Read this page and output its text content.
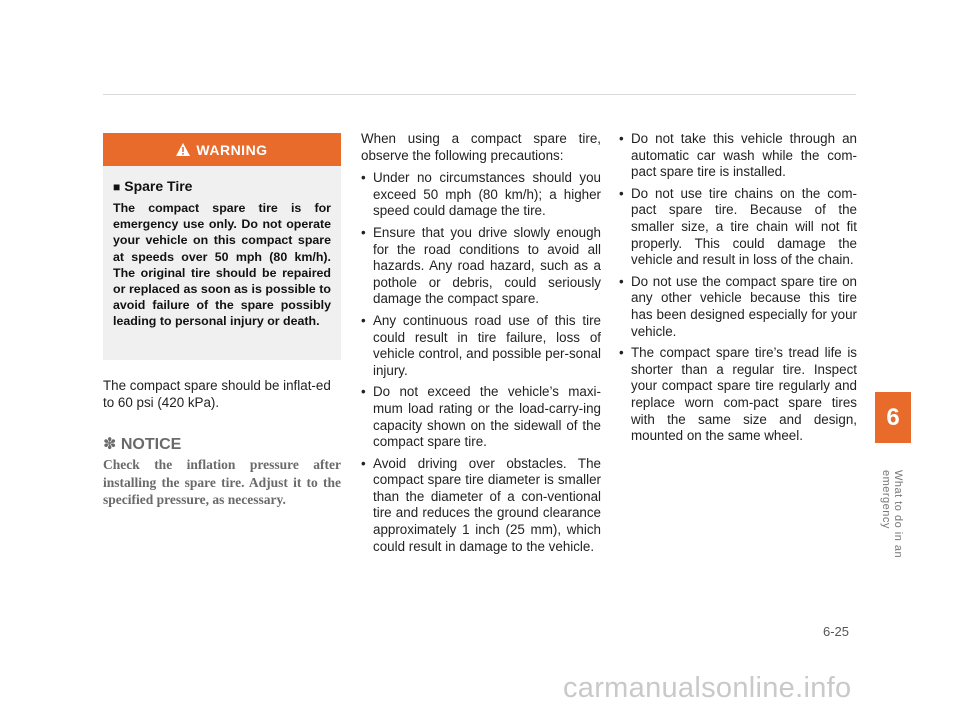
WARNING
■ Spare Tire
The compact spare tire is for emergency use only. Do not operate your vehicle on this compact spare at speeds over 50 mph (80 km/h). The original tire should be repaired or replaced as soon as is possible to avoid failure of the spare possibly leading to personal injury or death.
The compact spare should be inflat-ed to 60 psi (420 kPa).
✽ NOTICE
Check the inflation pressure after installing the spare tire. Adjust it to the specified pressure, as necessary.

When using a compact spare tire, observe the following precautions:

• Under no circumstances should you exceed 50 mph (80 km/h); a higher speed could damage the tire.
• Ensure that you drive slowly enough for the road conditions to avoid all hazards. Any road hazard, such as a pothole or debris, could seriously damage the compact spare.
• Any continuous road use of this tire could result in tire failure, loss of vehicle control, and possible per-sonal injury.
• Do not exceed the vehicle’s maxi-mum load rating or the load-carry-ing capacity shown on the sidewall of the compact spare tire.
• Avoid driving over obstacles. The compact spare tire diameter is smaller than the diameter of a con-ventional tire and reduces the ground clearance approximately 1 inch (25 mm), which could result in damage to the vehicle.
• Do not take this vehicle through an automatic car wash while the com-pact spare tire is installed.
• Do not use tire chains on the com-pact spare tire. Because of the smaller size, a tire chain will not fit properly. This could damage the vehicle and result in loss of the chain.
• Do not use the compact spare tire on any other vehicle because this tire has been designed especially for your vehicle.
• The compact spare tire’s tread life is shorter than a regular tire. Inspect your compact spare tire regularly and replace worn com-pact spare tires with the same size and design, mounted on the same wheel.
6
What to do in an emergency
6-25
carmanualsonline.info
